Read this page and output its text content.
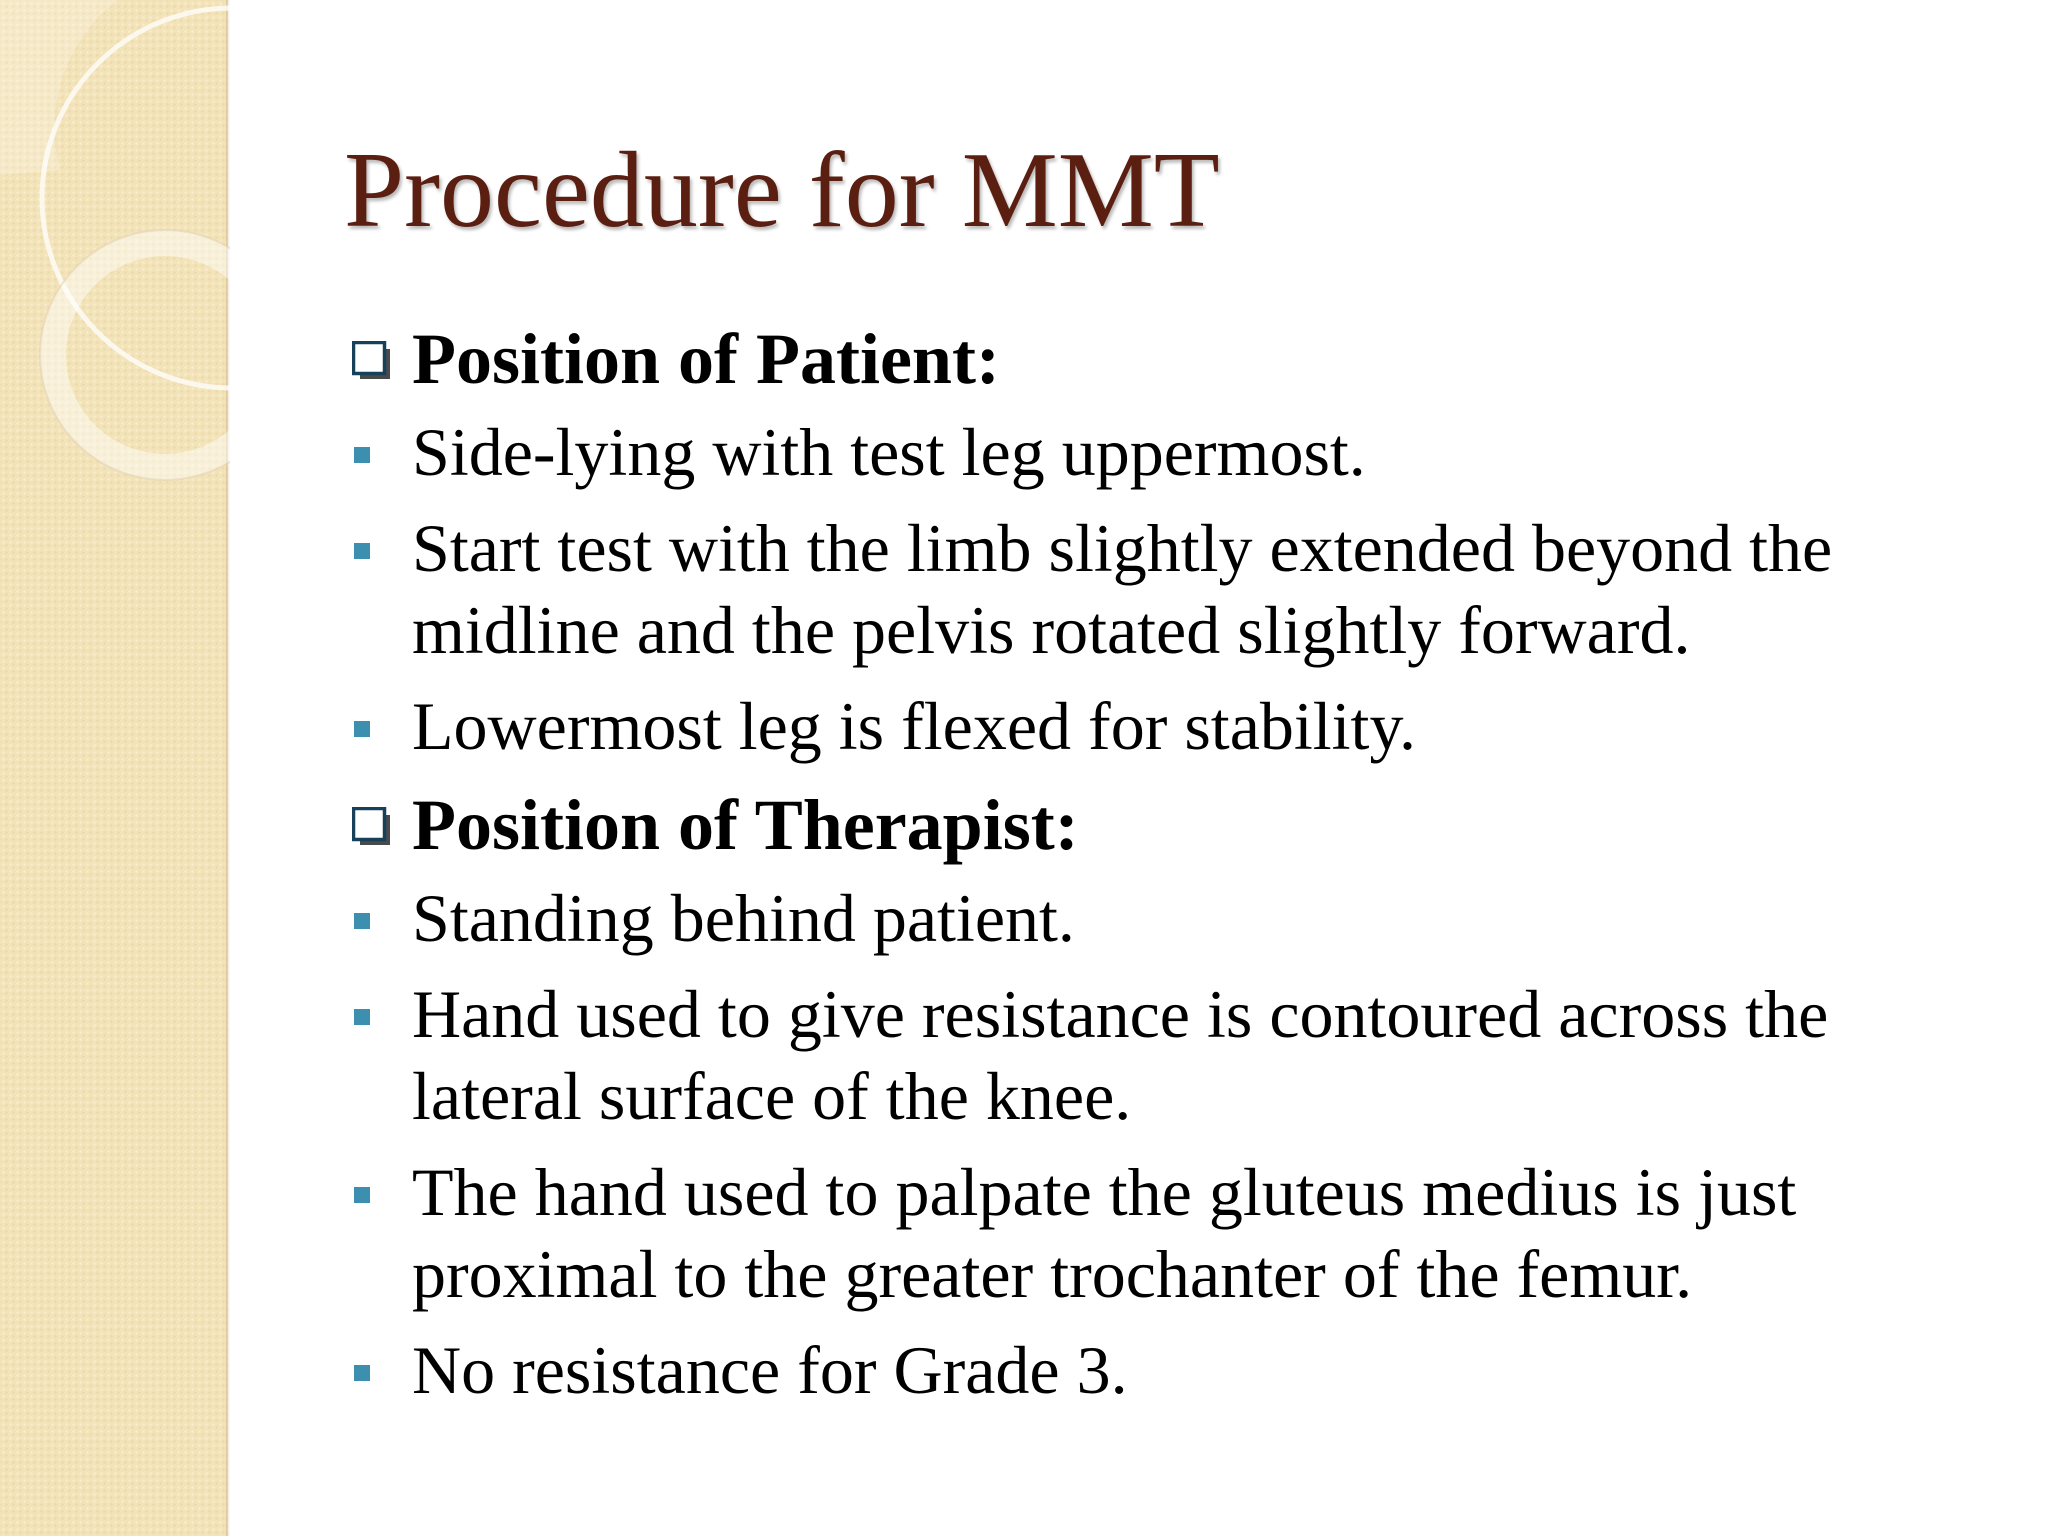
Procedure for MMT
Position of Patient:
Side-lying with test leg uppermost.
Start test with the limb slightly extended beyond the midline and the pelvis rotated slightly forward.
Lowermost leg is flexed for stability.
Position of Therapist:
Standing behind patient.
Hand used to give resistance is contoured across the lateral surface of the knee.
The hand used to palpate the gluteus medius is just proximal to the greater trochanter of the femur.
No resistance for Grade 3.
